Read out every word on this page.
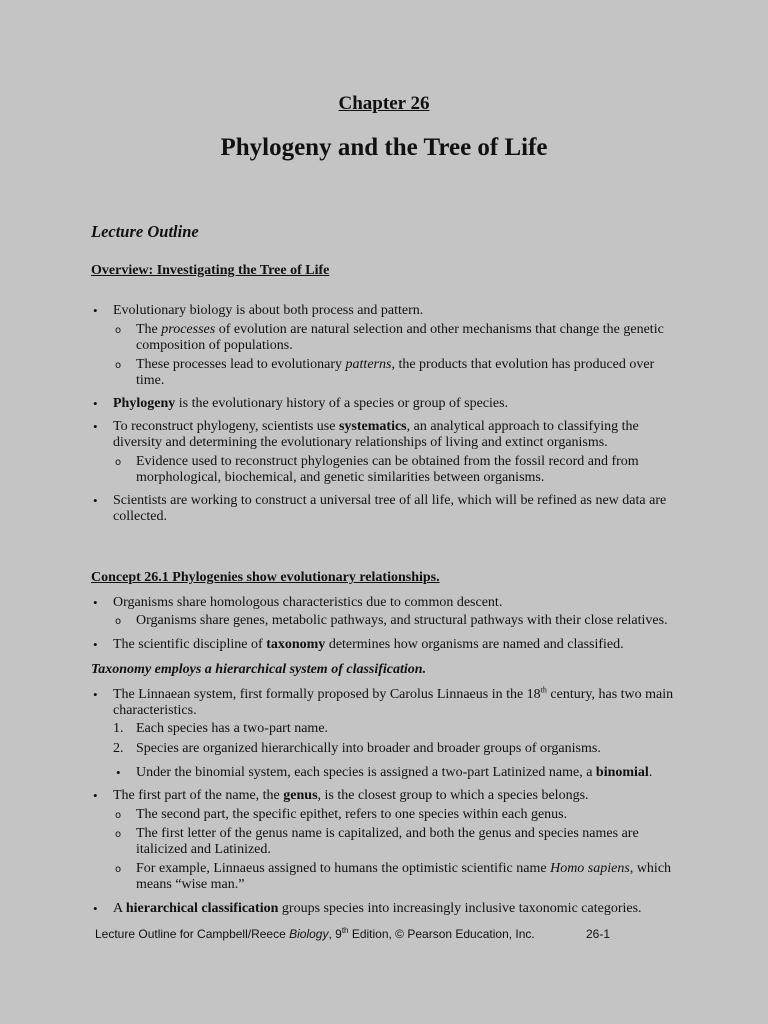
Chapter 26
Phylogeny and the Tree of Life
Lecture Outline
Overview: Investigating the Tree of Life
• Evolutionary biology is about both process and pattern.
o The processes of evolution are natural selection and other mechanisms that change the genetic
composition of populations.
o These processes lead to evolutionary patterns, the products that evolution has produced over
time.
• Phylogeny is the evolutionary history of a species or group of species.
• To reconstruct phylogeny, scientists use systematics, an analytical approach to classifying the
diversity and determining the evolutionary relationships of living and extinct organisms.
o Evidence used to reconstruct phylogenies can be obtained from the fossil record and from
morphological, biochemical, and genetic similarities between organisms.
• Scientists are working to construct a universal tree of all life, which will be refined as new data are
collected.
Concept 26.1 Phylogenies show evolutionary relationships.
• Organisms share homologous characteristics due to common descent.
o Organisms share genes, metabolic pathways, and structural pathways with their close relatives.
• The scientific discipline of taxonomy determines how organisms are named and classified.
Taxonomy employs a hierarchical system of classification.
• The Linnaean system, first formally proposed by Carolus Linnaeus in the 18th century, has two main
characteristics.
1. Each species has a two-part name.
2. Species are organized hierarchically into broader and broader groups of organisms.
• Under the binomial system, each species is assigned a two-part Latinized name, a binomial.
• The first part of the name, the genus, is the closest group to which a species belongs.
o The second part, the specific epithet, refers to one species within each genus.
o The first letter of the genus name is capitalized, and both the genus and species names are
italicized and Latinized.
o For example, Linnaeus assigned to humans the optimistic scientific name Homo sapiens, which
means “wise man.”
• A hierarchical classification groups species into increasingly inclusive taxonomic categories.
Lecture Outline for Campbell/Reece Biology, 9th Edition, © Pearson Education, Inc.	26-1
